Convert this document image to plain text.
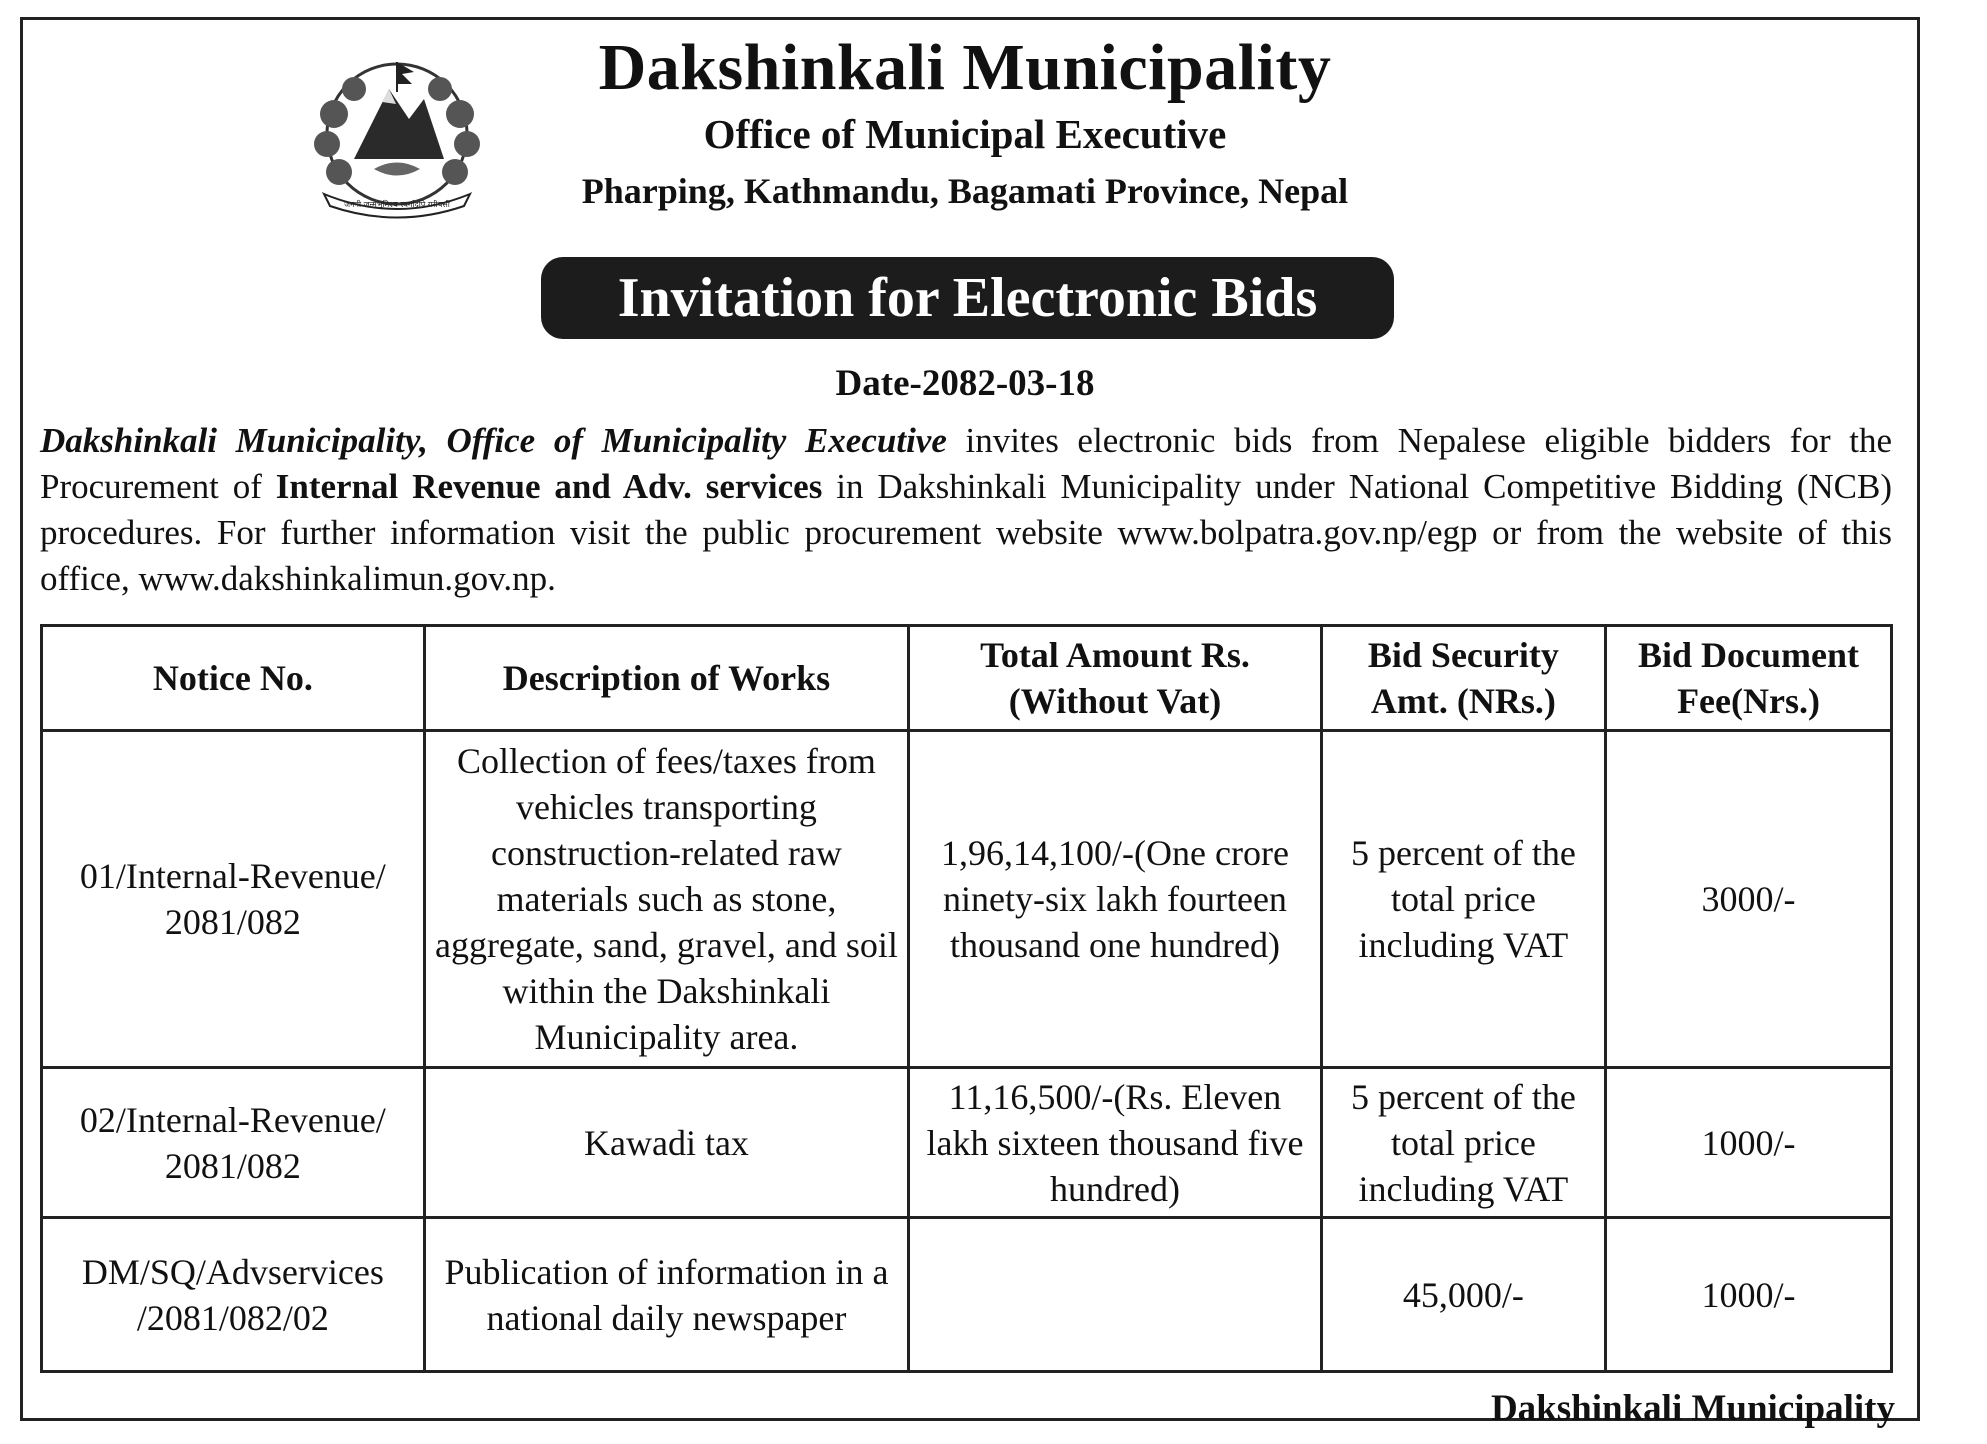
जननी जन्मभूमिश्च स्वर्गादपि गरीयसी
Dakshinkali Municipality
Office of Municipal Executive
Pharping, Kathmandu, Bagamati Province, Nepal
Invitation for Electronic Bids
Date-2082-03-18
Dakshinkali Municipality, Office of Municipality Executive invites electronic bids from Nepalese eligible bidders for the Procurement of Internal Revenue and Adv. services in Dakshinkali Municipality under National Competitive Bidding (NCB) procedures. For further information visit the public procurement website www.bolpatra.gov.np/egp or from the website of this office, www.dakshinkalimun.gov.np.
Notice No.	Description of Works	Total Amount Rs. (Without Vat)	Bid Security Amt. (NRs.)	Bid Document Fee(Nrs.)
01/Internal-Revenue/ 2081/082	Collection of fees/taxes from vehicles transporting construction-related raw materials such as stone, aggregate, sand, gravel, and soil within the Dakshinkali Municipality area.	1,96,14,100/-(One crore ninety-six lakh fourteen thousand one hundred)	5 percent of the total price including VAT	3000/-
02/Internal-Revenue/ 2081/082	Kawadi tax	11,16,500/-(Rs. Eleven lakh sixteen thousand five hundred)	5 percent of the total price including VAT	1000/-
DM/SQ/Advservices /2081/082/02	Publication of information in a national daily newspaper		45,000/-	1000/-
Dakshinkali Municipality
